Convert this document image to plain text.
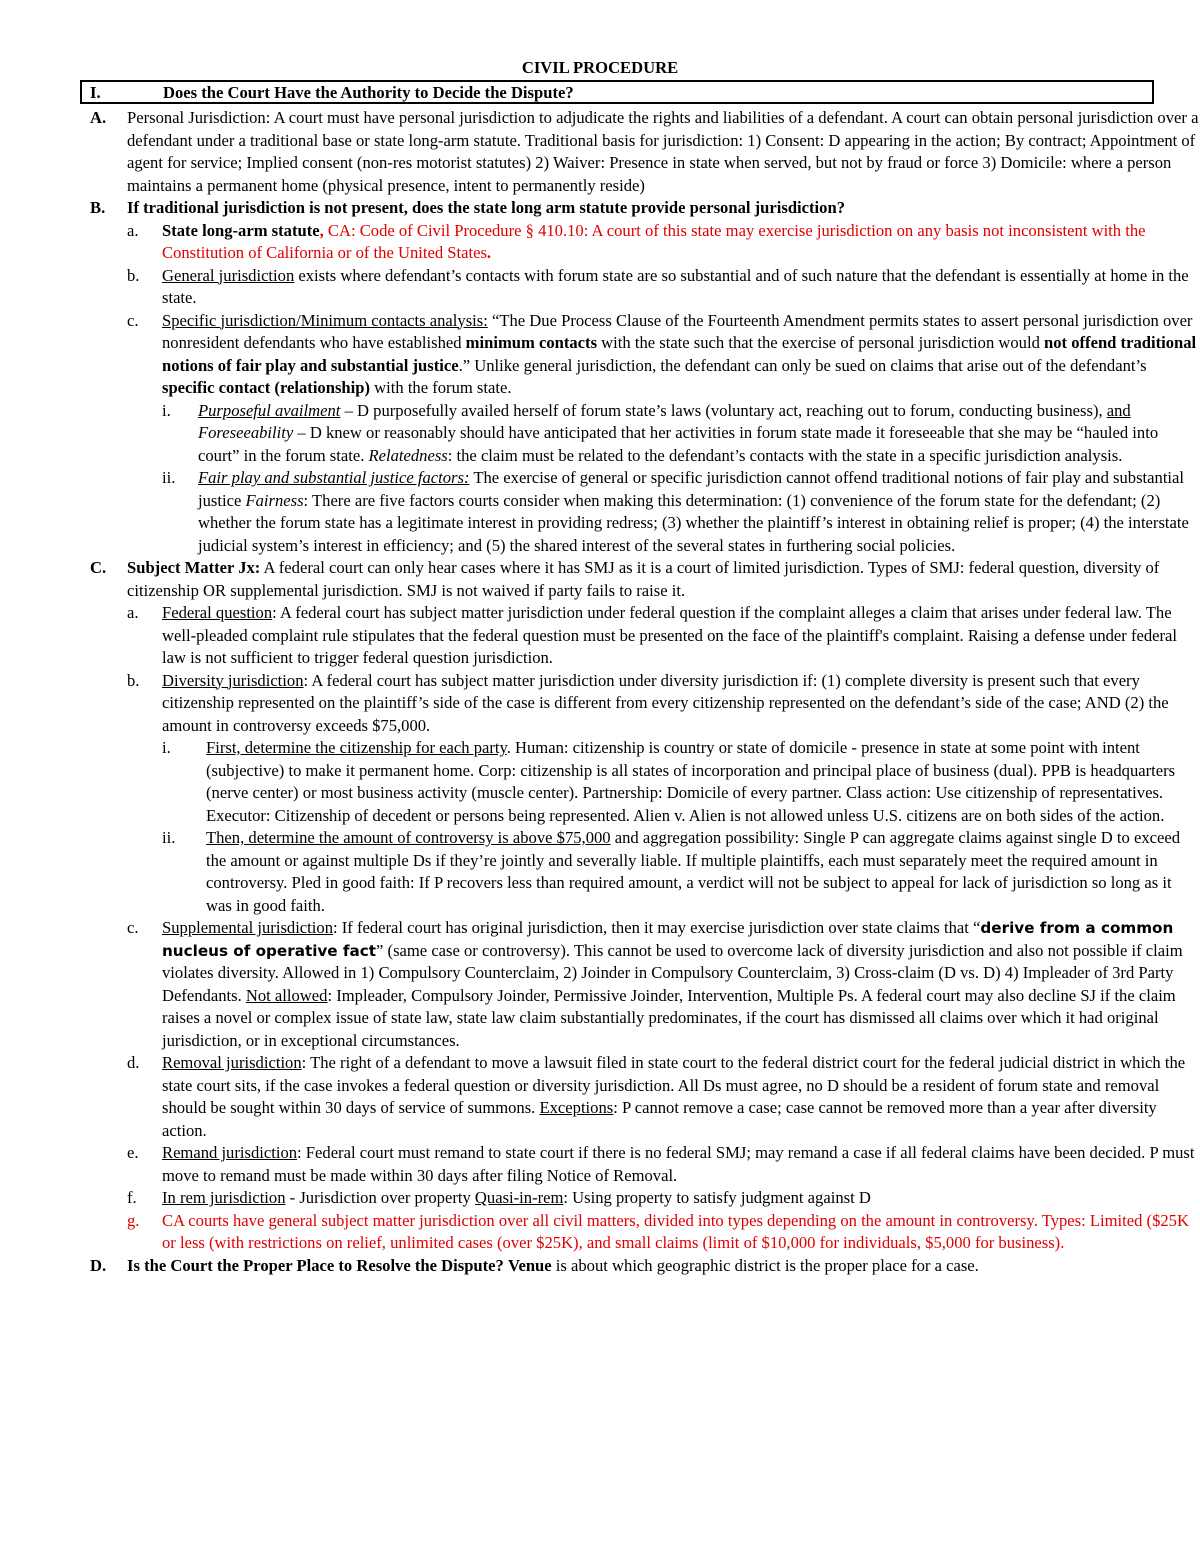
CIVIL PROCEDURE
I.	Does the Court Have the Authority to Decide the Dispute?
A. Personal Jurisdiction: A court must have personal jurisdiction to adjudicate the rights and liabilities of a defendant. A court can obtain personal jurisdiction over a defendant under a traditional base or state long-arm statute. Traditional basis for jurisdiction: 1) Consent: D appearing in the action; By contract; Appointment of agent for service; Implied consent (non-res motorist statutes) 2) Waiver: Presence in state when served, but not by fraud or force 3) Domicile: where a person maintains a permanent home (physical presence, intent to permanently reside)
B. If traditional jurisdiction is not present, does the state long arm statute provide personal jurisdiction?
a. State long-arm statute, CA: Code of Civil Procedure § 410.10: A court of this state may exercise jurisdiction on any basis not inconsistent with the Constitution of California or of the United States.
b. General jurisdiction exists where defendant’s contacts with forum state are so substantial and of such nature that the defendant is essentially at home in the state.
c. Specific jurisdiction/Minimum contacts analysis: “The Due Process Clause of the Fourteenth Amendment permits states to assert personal jurisdiction over nonresident defendants who have established minimum contacts with the state such that the exercise of personal jurisdiction would not offend traditional notions of fair play and substantial justice.” Unlike general jurisdiction, the defendant can only be sued on claims that arise out of the defendant’s specific contact (relationship) with the forum state.
i. Purposeful availment – D purposefully availed herself of forum state’s laws (voluntary act, reaching out to forum, conducting business), and Foreseeability – D knew or reasonably should have anticipated that her activities in forum state made it foreseeable that she may be “hauled into court” in the forum state. Relatedness: the claim must be related to the defendant’s contacts with the state in a specific jurisdiction analysis.
ii. Fair play and substantial justice factors: The exercise of general or specific jurisdiction cannot offend traditional notions of fair play and substantial justice Fairness: There are five factors courts consider when making this determination: (1) convenience of the forum state for the defendant; (2) whether the forum state has a legitimate interest in providing redress; (3) whether the plaintiff’s interest in obtaining relief is proper; (4) the interstate judicial system’s interest in efficiency; and (5) the shared interest of the several states in furthering social policies.
C. Subject Matter Jx: A federal court can only hear cases where it has SMJ as it is a court of limited jurisdiction. Types of SMJ: federal question, diversity of citizenship OR supplemental jurisdiction. SMJ is not waived if party fails to raise it.
a. Federal question: A federal court has subject matter jurisdiction under federal question if the complaint alleges a claim that arises under federal law. The well-pleaded complaint rule stipulates that the federal question must be presented on the face of the plaintiff's complaint. Raising a defense under federal law is not sufficient to trigger federal question jurisdiction.
b. Diversity jurisdiction: A federal court has subject matter jurisdiction under diversity jurisdiction if: (1) complete diversity is present such that every citizenship represented on the plaintiff’s side of the case is different from every citizenship represented on the defendant’s side of the case; AND (2) the amount in controversy exceeds $75,000.
i. First, determine the citizenship for each party. Human: citizenship is country or state of domicile - presence in state at some point with intent (subjective) to make it permanent home. Corp: citizenship is all states of incorporation and principal place of business (dual). PPB is headquarters (nerve center) or most business activity (muscle center). Partnership: Domicile of every partner. Class action: Use citizenship of representatives. Executor: Citizenship of decedent or persons being represented. Alien v. Alien is not allowed unless U.S. citizens are on both sides of the action.
ii. Then, determine the amount of controversy is above $75,000 and aggregation possibility: Single P can aggregate claims against single D to exceed the amount or against multiple Ds if they’re jointly and severally liable. If multiple plaintiffs, each must separately meet the required amount in controversy. Pled in good faith: If P recovers less than required amount, a verdict will not be subject to appeal for lack of jurisdiction so long as it was in good faith.
c. Supplemental jurisdiction: If federal court has original jurisdiction, then it may exercise jurisdiction over state claims that “derive from a common nucleus of operative fact” (same case or controversy). This cannot be used to overcome lack of diversity jurisdiction and also not possible if claim violates diversity. Allowed in 1) Compulsory Counterclaim, 2) Joinder in Compulsory Counterclaim, 3) Cross-claim (D vs. D) 4) Impleader of 3rd Party Defendants. Not allowed: Impleader, Compulsory Joinder, Permissive Joinder, Intervention, Multiple Ps. A federal court may also decline SJ if the claim raises a novel or complex issue of state law, state law claim substantially predominates, if the court has dismissed all claims over which it had original jurisdiction, or in exceptional circumstances.
d. Removal jurisdiction: The right of a defendant to move a lawsuit filed in state court to the federal district court for the federal judicial district in which the state court sits, if the case invokes a federal question or diversity jurisdiction. All Ds must agree, no D should be a resident of forum state and removal should be sought within 30 days of service of summons. Exceptions: P cannot remove a case; case cannot be removed more than a year after diversity action.
e. Remand jurisdiction: Federal court must remand to state court if there is no federal SMJ; may remand a case if all federal claims have been decided. P must move to remand must be made within 30 days after filing Notice of Removal.
f. In rem jurisdiction - Jurisdiction over property Quasi-in-rem: Using property to satisfy judgment against D
g. CA courts have general subject matter jurisdiction over all civil matters, divided into types depending on the amount in controversy. Types: Limited ($25K or less (with restrictions on relief, unlimited cases (over $25K), and small claims (limit of $10,000 for individuals, $5,000 for business).
D. Is the Court the Proper Place to Resolve the Dispute? Venue is about which geographic district is the proper place for a case.
